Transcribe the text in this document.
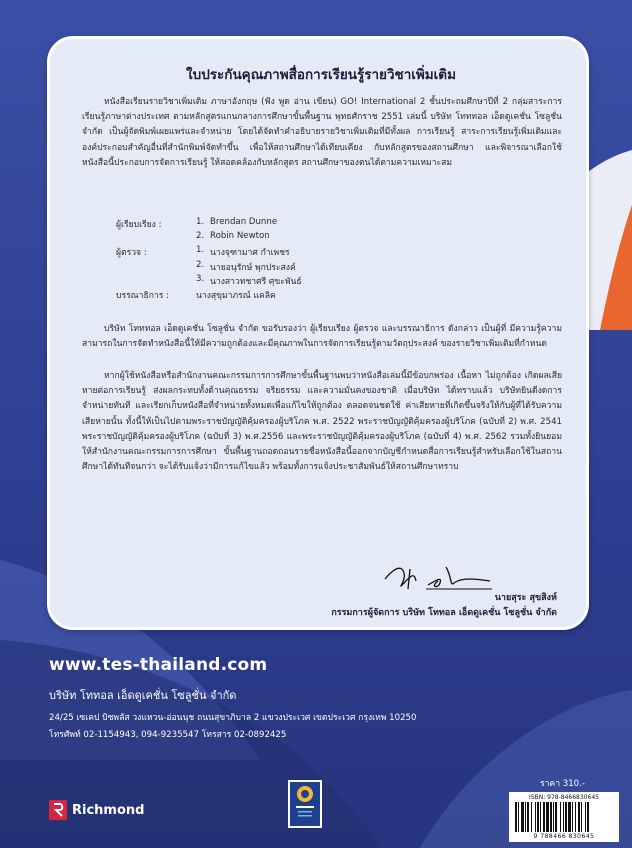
ใบประกันคุณภาพสื่อการเรียนรู้รายวิชาเพิ่มเติม
หนังสือเรียนรายวิชาเพิ่มเติม ภาษาอังกฤษ (ฟัง พูด อ่าน เขียน) GO! International 2 ชั้นประถมศึกษาปีที่ 2 กลุ่มสาระการเรียนรู้ภาษาต่างประเทศ ตามหลักสูตรแกนกลางการศึกษาขั้นพื้นฐาน พุทธศักราช 2551 เล่มนี้ บริษัท โทททอล เอ็ดดูเคชั่น โซลูชั่น จำกัด เป็นผู้จัดพิมพ์เผยแพร่และจำหน่าย โดยได้จัดทำคำอธิบายรายวิชาเพิ่มเติมที่มีทั้งผล การเรียนรู้ สาระการเรียนรู้เพิ่มเติมและองค์ประกอบสำคัญอื่นที่สำนักพิมพ์จัดทำขึ้น เพื่อให้สถานศึกษาได้เทียบเคียง กับหลักสูตรของสถานศึกษา และพิจารณาเลือกใช้หนังสือนี้ประกอบการจัดการเรียนรู้ ให้สอดคล้องกับหลักสูตร สถานศึกษาของตนได้ตามความเหมาะสม
ผู้เรียบเรียง :	1. Brendan Dunne
2. Robin Newton
ผู้ตรวจ :	1. นางจุฑามาศ กำเพชร
2. นายอนุรักษ์ พุกประสงค์
3. นางสาวทชาศรี ศุขะพันธ์
บรรณาธิการ :	นางสุขุมาภรณ์ แคลิค
บริษัท โทททอล เอ็ดดูเคชั่น โซลูชั่น จำกัด ขอรับรองว่า ผู้เรียบเรียง ผู้ตรวจ และบรรณาธิการ ดังกล่าว เป็นผู้ที่ มีความรู้ความสามารถในการจัดทำหนังสือนี้ให้มีความถูกต้องและมีคุณภาพในการจัดการเรียนรู้ตามวัตถุประสงค์ ของรายวิชาเพิ่มเติมที่กำหนด
หากผู้ใช้หนังสือหรือสำนักงานคณะกรรมการการศึกษาขั้นพื้นฐานพบว่าหนังสือเล่มนี้มีข้อบกพร่อง เนื้อหา ไม่ถูกต้อง เกิดผลเสียหายต่อการเรียนรู้ ส่งผลกระทบทั้งด้านคุณธรรม จริยธรรม และความมั่นคงของชาติ เมื่อบริษัท ได้ทราบแล้ว บริษัทยินดีงดการจำหน่ายทันที และเรียกเก็บหนังสือที่จำหน่ายทั้งหมดเพื่อแก้ไขให้ถูกต้อง ตลอดจนชดใช้ ค่าเสียหายที่เกิดขึ้นจริงให้กับผู้ที่ได้รับความเสียหายนั้น ทั้งนี้ให้เป็นไปตามพระราชบัญญัติคุ้มครองผู้บริโภค พ.ศ. 2522 พระราชบัญญัติคุ้มครองผู้บริโภค (ฉบับที่ 2) พ.ศ. 2541 พระราชบัญญัติคุ้มครองผู้บริโภค (ฉบับที่ 3) พ.ศ.2556 และพระราชบัญญัติคุ้มครองผู้บริโภค (ฉบับที่ 4) พ.ศ. 2562 รวมทั้งยินยอมให้สำนักงานคณะกรรมการการศึกษา ขั้นพื้นฐานถอดถอนรายชื่อหนังสือนี้ออกจากบัญชีกำหนดสื่อการเรียนรู้สำหรับเลือกใช้ในสถานศึกษาได้ทันทีจนกว่า จะได้รับแจ้งว่ามีการแก้ไขแล้ว พร้อมทั้งการแจ้งประชาสัมพันธ์ให้สถานศึกษาทราบ
นายสุระ สุขสิงห์
กรรมการผู้จัดการ บริษัท โททอล เอ็ดดูเคชั่น โซลูชั่น จำกัด
www.tes-thailand.com
บริษัท โททอล เอ็ดดูเคชั่น โซลูชั่น จำกัด
24/25 เซเคป บิซพลัส วงแหวน-อ่อนนุช ถนนสุขาภิบาล 2 แขวงประเวศ เขตประเวศ กรุงเทพ 10250
โทรศัพท์ 02-1154943, 094-9235547 โทรสาร 02-0892425
Richmond
ราคา 310.-
ISBN: 978-8466830645
9 788466 830645
